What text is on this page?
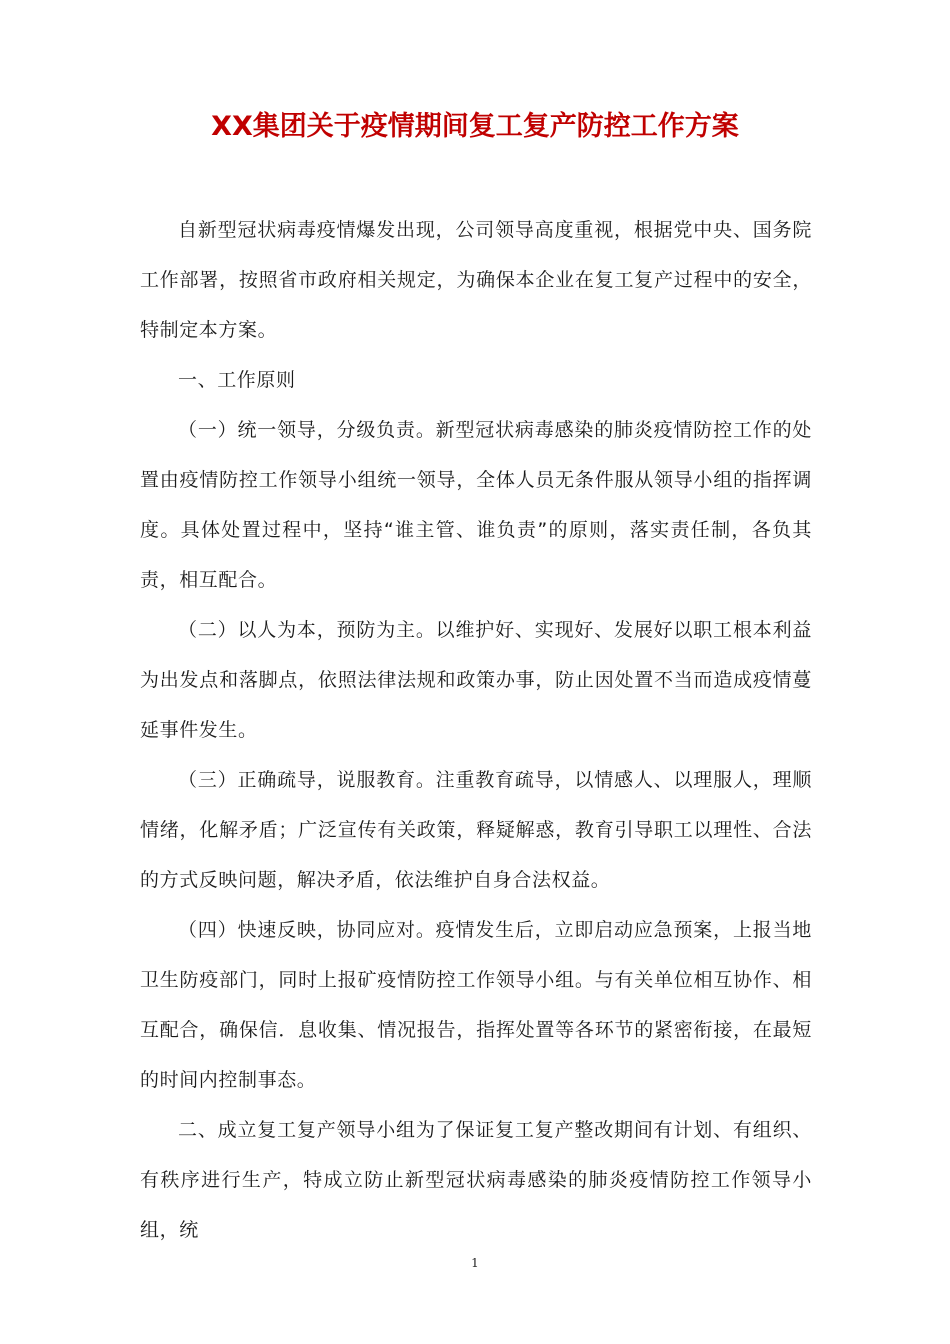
XX集团关于疫情期间复工复产防控工作方案

自新型冠状病毒疫情爆发出现，公司领导高度重视，根据党中央、国务院工作部署，按照省市政府相关规定，为确保本企业在复工复产过程中的安全，特制定本方案。

一、工作原则

（一）统一领导，分级负责。新型冠状病毒感染的肺炎疫情防控工作的处置由疫情防控工作领导小组统一领导，全体人员无条件服从领导小组的指挥调度。具体处置过程中，坚持“谁主管、谁负责”的原则，落实责任制，各负其责，相互配合。

（二）以人为本，预防为主。以维护好、实现好、发展好以职工根本利益为出发点和落脚点，依照法律法规和政策办事，防止因处置不当而造成疫情蔓延事件发生。

（三）正确疏导，说服教育。注重教育疏导，以情感人、以理服人，理顺情绪，化解矛盾；广泛宣传有关政策，释疑解惑，教育引导职工以理性、合法的方式反映问题，解决矛盾，依法维护自身合法权益。

（四）快速反映，协同应对。疫情发生后，立即启动应急预案，上报当地卫生防疫部门，同时上报矿疫情防控工作领导小组。与有关单位相互协作、相互配合，确保信．息收集、情况报告，指挥处置等各环节的紧密衔接，在最短的时间内控制事态。

二、成立复工复产领导小组为了保证复工复产整改期间有计划、有组织、有秩序进行生产，特成立防止新型冠状病毒感染的肺炎疫情防控工作领导小组，统

1
